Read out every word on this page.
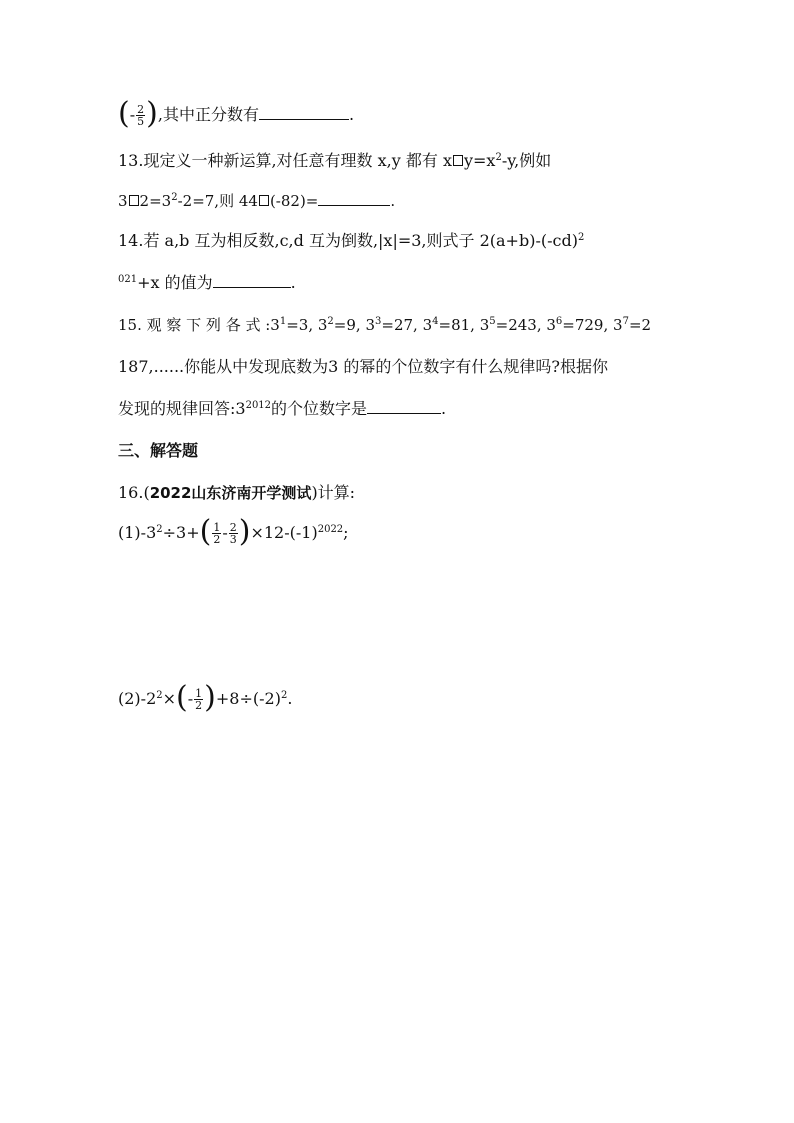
(- $\frac{2}{5}$ ),其中正分数有	.
13.现定义一种新运算,对任意有理数 x,y 都有 x $y=x^2-y$,例如
3 $2=3^2-2=7$,则 44 (-82)=	.
14.若 a,b 互为相反数,c,d 互为倒数,|x|=3,则式子 $2(a+b)-(-cd)^2$
$^{021}$+x 的值为	.
15. 观 察 下 列 各 式 $:3^1=3$, $3^2=9$, $3^3=27$, $3^4=81$, $3^5=243$, $3^6=729$, $3^7=2$
187,......你能从中发现底数为3 的幂的个位数字有什么规律吗?根据你
发现的规律回答$:3^{2012}$的个位数字是	.
三、解答题
16.(2022山东济南开学测试)计算:
$(1)-3^2\div 3+( \frac{1}{2} - \frac{2}{3} )\times 12-(-1)^{2022}$;
$(2)-2^2\times(- \frac{1}{2} )+8\div(-2)^2$.
